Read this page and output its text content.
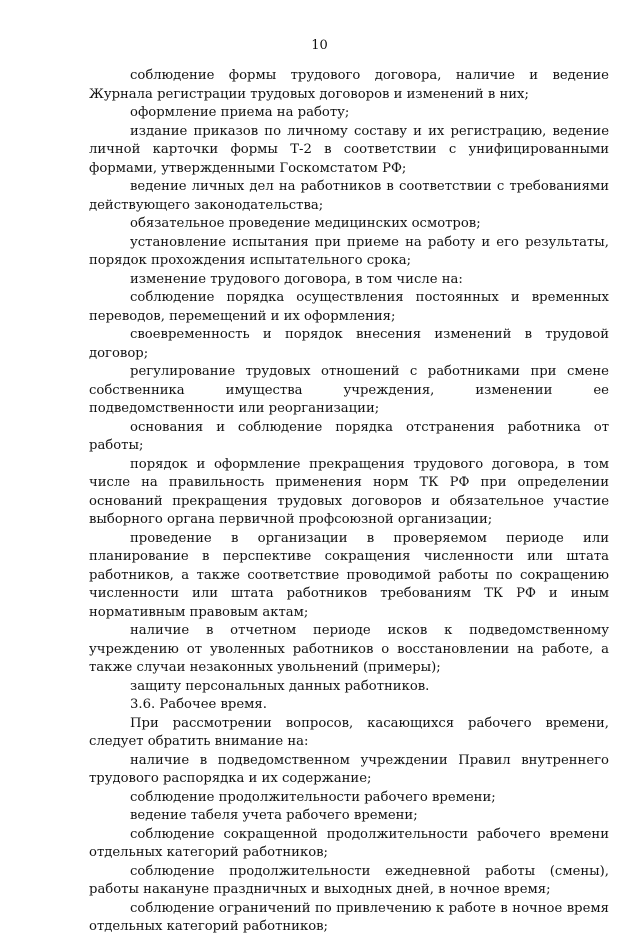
10

соблюдение формы трудового договора, наличие и ведение Журнала регистрации трудовых договоров и изменений в них;

оформление приема на работу;

издание приказов по личному составу и их регистрацию, ведение личной карточки формы Т-2 в соответствии с унифицированными формами, утвержденными Госкомстатом РФ;

ведение личных дел на работников в соответствии с требованиями действующего законодательства;

обязательное проведение медицинских осмотров;

установление испытания при приеме на работу и его результаты, порядок прохождения испытательного срока;

изменение трудового договора, в том числе на:

соблюдение порядка осуществления постоянных и временных переводов, перемещений и их оформления;

своевременность и порядок внесения изменений в трудовой договор;

регулирование трудовых отношений с работниками при смене собственника имущества учреждения, изменении ее подведомственности или реорганизации;

основания и соблюдение порядка отстранения работника от работы;

порядок и оформление прекращения трудового договора, в том числе на правильность применения норм ТК РФ при определении оснований прекращения трудовых договоров и обязательное участие выборного органа первичной профсоюзной организации;

проведение в организации в проверяемом периоде или планирование в перспективе сокращения численности или штата работников, а также соответствие проводимой работы по сокращению численности или штата работников требованиям ТК РФ и иным нормативным правовым актам;

наличие в отчетном периоде исков к подведомственному учреждению от уволенных работников о восстановлении на работе, а также случаи незаконных увольнений (примеры);

защиту персональных данных работников.

3.6. Рабочее время.

При рассмотрении вопросов, касающихся рабочего времени, следует обратить внимание на:

наличие в подведомственном учреждении Правил внутреннего трудового распорядка и их содержание;

соблюдение продолжительности рабочего времени;

ведение табеля учета рабочего времени;

соблюдение сокращенной продолжительности рабочего времени отдельных категорий работников;

соблюдение продолжительности ежедневной работы (смены), работы накануне праздничных и выходных дней, в ночное время;

соблюдение ограничений по привлечению к работе в ночное время отдельных категорий работников;
